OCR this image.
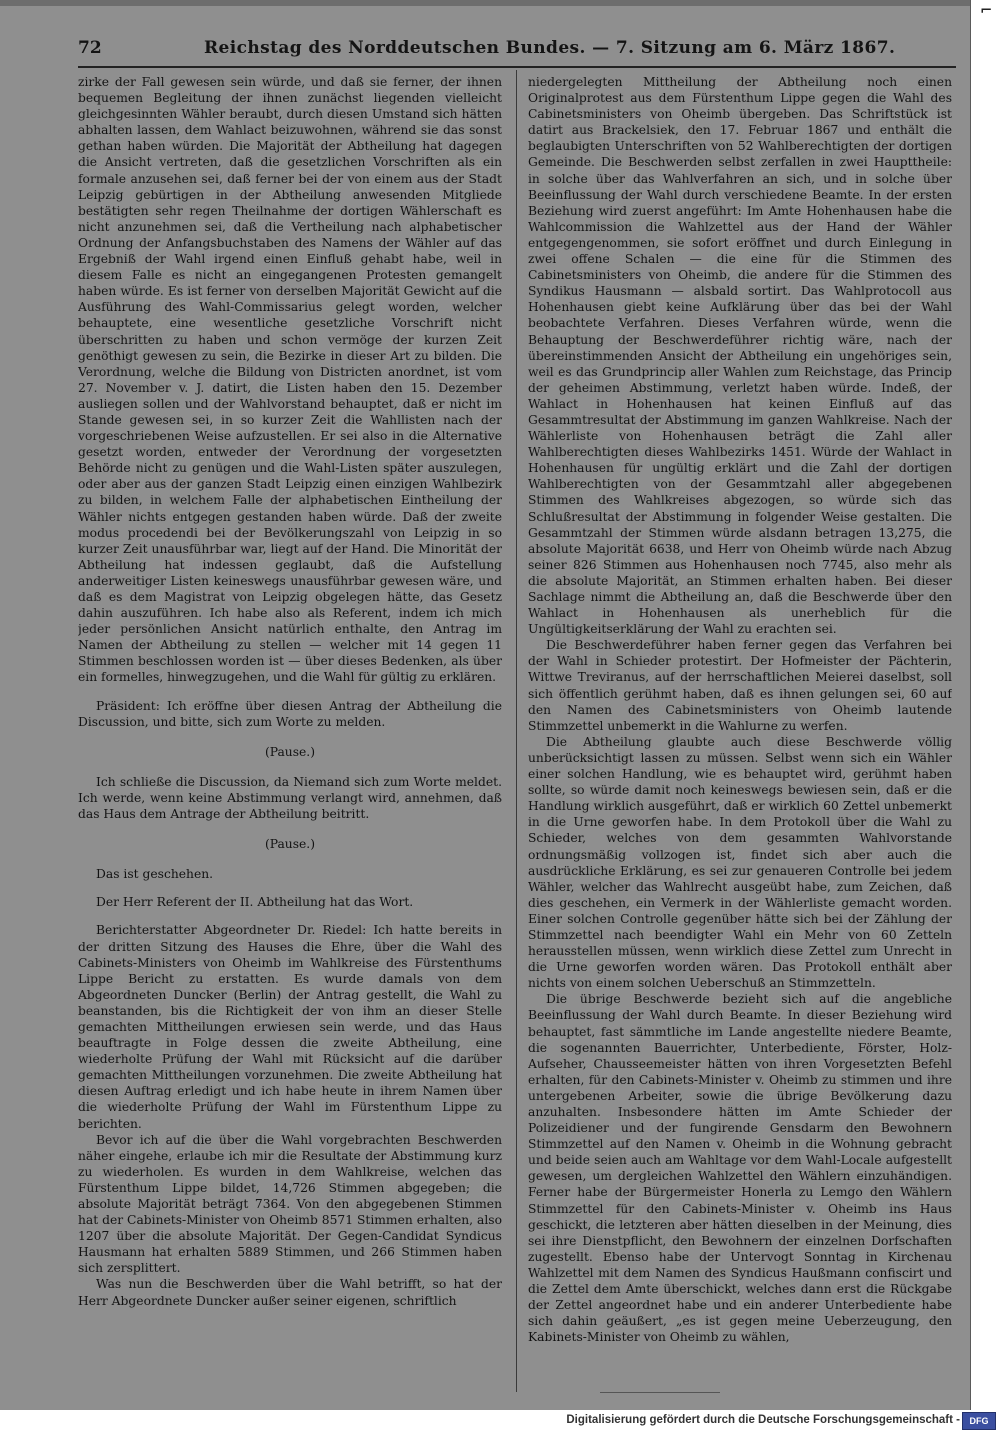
72	Reichstag des Norddeutschen Bundes. — 7. Sitzung am 6. März 1867.

zirke der Fall gewesen sein würde, und daß sie ferner, der ihnen bequemen Begleitung der ihnen zunächst liegenden vielleicht gleichgesinnten Wähler beraubt, durch diesen Umstand sich hätten abhalten lassen, dem Wahlact beizuwohnen, während sie das sonst gethan haben würden. Die Majorität der Abtheilung hat dagegen die Ansicht vertreten, daß die gesetzlichen Vorschriften als ein formale anzusehen sei, daß ferner bei der von einem aus der Stadt Leipzig gebürtigen in der Abtheilung anwesenden Mitgliede bestätigten sehr regen Theilnahme der dortigen Wählerschaft es nicht anzunehmen sei, daß die Vertheilung nach alphabetischer Ordnung der Anfangsbuchstaben des Namens der Wähler auf das Ergebniß der Wahl irgend einen Einfluß gehabt habe, weil in diesem Falle es nicht an eingegangenen Protesten gemangelt haben würde. Es ist ferner von derselben Majorität Gewicht auf die Ausführung des Wahl-Commissarius gelegt worden, welcher behauptete, eine wesentliche gesetzliche Vorschrift nicht überschritten zu haben und schon vermöge der kurzen Zeit genöthigt gewesen zu sein, die Bezirke in dieser Art zu bilden. Die Verordnung, welche die Bildung von Districten anordnet, ist vom 27. November v. J. datirt, die Listen haben den 15. Dezember ausliegen sollen und der Wahlvorstand behauptet, daß er nicht im Stande gewesen sei, in so kurzer Zeit die Wahllisten nach der vorgeschriebenen Weise aufzustellen. Er sei also in die Alternative gesetzt worden, entweder der Verordnung der vorgesetzten Behörde nicht zu genügen und die Wahl-Listen später auszulegen, oder aber aus der ganzen Stadt Leipzig einen einzigen Wahlbezirk zu bilden, in welchem Falle der alphabetischen Eintheilung der Wähler nichts entgegen gestanden haben würde. Daß der zweite modus procedendi bei der Bevölkerungszahl von Leipzig in so kurzer Zeit unausführbar war, liegt auf der Hand. Die Minorität der Abtheilung hat indessen geglaubt, daß die Aufstellung anderweitiger Listen keineswegs unausführbar gewesen wäre, und daß es dem Magistrat von Leipzig obgelegen hätte, das Gesetz dahin auszuführen. Ich habe also als Referent, indem ich mich jeder persönlichen Ansicht natürlich enthalte, den Antrag im Namen der Abtheilung zu stellen — welcher mit 14 gegen 11 Stimmen beschlossen worden ist — über dieses Bedenken, als über ein formelles, hinwegzugehen, und die Wahl für gültig zu erklären.

Präsident: Ich eröffne über diesen Antrag der Abtheilung die Discussion, und bitte, sich zum Worte zu melden.

(Pause.)

Ich schließe die Discussion, da Niemand sich zum Worte meldet. Ich werde, wenn keine Abstimmung verlangt wird, annehmen, daß das Haus dem Antrage der Abtheilung beitritt.

(Pause.)

Das ist geschehen.

Der Herr Referent der II. Abtheilung hat das Wort.

Berichterstatter Abgeordneter Dr. Riedel: Ich hatte bereits in der dritten Sitzung des Hauses die Ehre, über die Wahl des Cabinets-Ministers von Oheimb im Wahlkreise des Fürstenthums Lippe Bericht zu erstatten. Es wurde damals von dem Abgeordneten Duncker (Berlin) der Antrag gestellt, die Wahl zu beanstanden, bis die Richtigkeit der von ihm an dieser Stelle gemachten Mittheilungen erwiesen sein werde, und das Haus beauftragte in Folge dessen die zweite Abtheilung, eine wiederholte Prüfung der Wahl mit Rücksicht auf die darüber gemachten Mittheilungen vorzunehmen. Die zweite Abtheilung hat diesen Auftrag erledigt und ich habe heute in ihrem Namen über die wiederholte Prüfung der Wahl im Fürstenthum Lippe zu berichten.

Bevor ich auf die über die Wahl vorgebrachten Beschwerden näher eingehe, erlaube ich mir die Resultate der Abstimmung kurz zu wiederholen. Es wurden in dem Wahlkreise, welchen das Fürstenthum Lippe bildet, 14,726 Stimmen abgegeben; die absolute Majorität beträgt 7364. Von den abgegebenen Stimmen hat der Cabinets-Minister von Oheimb 8571 Stimmen erhalten, also 1207 über die absolute Majorität. Der Gegen-Candidat Syndicus Hausmann hat erhalten 5889 Stimmen, und 266 Stimmen haben sich zersplittert.

Was nun die Beschwerden über die Wahl betrifft, so hat der Herr Abgeordnete Duncker außer seiner eigenen, schriftlich

niedergelegten Mittheilung der Abtheilung noch einen Originalprotest aus dem Fürstenthum Lippe gegen die Wahl des Cabinetsministers von Oheimb übergeben. Das Schriftstück ist datirt aus Brackelsiek, den 17. Februar 1867 und enthält die beglaubigten Unterschriften von 52 Wahlberechtigten der dortigen Gemeinde. Die Beschwerden selbst zerfallen in zwei Haupttheile: in solche über das Wahlverfahren an sich, und in solche über Beeinflussung der Wahl durch verschiedene Beamte. In der ersten Beziehung wird zuerst angeführt: Im Amte Hohenhausen habe die Wahlcommission die Wahlzettel aus der Hand der Wähler entgegengenommen, sie sofort eröffnet und durch Einlegung in zwei offene Schalen — die eine für die Stimmen des Cabinetsministers von Oheimb, die andere für die Stimmen des Syndikus Hausmann — alsbald sortirt. Das Wahlprotocoll aus Hohenhausen giebt keine Aufklärung über das bei der Wahl beobachtete Verfahren. Dieses Verfahren würde, wenn die Behauptung der Beschwerdeführer richtig wäre, nach der übereinstimmenden Ansicht der Abtheilung ein ungehöriges sein, weil es das Grundprincip aller Wahlen zum Reichstage, das Princip der geheimen Abstimmung, verletzt haben würde. Indeß, der Wahlact in Hohenhausen hat keinen Einfluß auf das Gesammtresultat der Abstimmung im ganzen Wahlkreise. Nach der Wählerliste von Hohenhausen beträgt die Zahl aller Wahlberechtigten dieses Wahlbezirks 1451. Würde der Wahlact in Hohenhausen für ungültig erklärt und die Zahl der dortigen Wahlberechtigten von der Gesammtzahl aller abgegebenen Stimmen des Wahlkreises abgezogen, so würde sich das Schlußresultat der Abstimmung in folgender Weise gestalten. Die Gesammtzahl der Stimmen würde alsdann betragen 13,275, die absolute Majorität 6638, und Herr von Oheimb würde nach Abzug seiner 826 Stimmen aus Hohenhausen noch 7745, also mehr als die absolute Majorität, an Stimmen erhalten haben. Bei dieser Sachlage nimmt die Abtheilung an, daß die Beschwerde über den Wahlact in Hohenhausen als unerheblich für die Ungültigkeitserklärung der Wahl zu erachten sei.

Die Beschwerdeführer haben ferner gegen das Verfahren bei der Wahl in Schieder protestirt. Der Hofmeister der Pächterin, Wittwe Treviranus, auf der herrschaftlichen Meierei daselbst, soll sich öffentlich gerühmt haben, daß es ihnen gelungen sei, 60 auf den Namen des Cabinetsministers von Oheimb lautende Stimmzettel unbemerkt in die Wahlurne zu werfen.

Die Abtheilung glaubte auch diese Beschwerde völlig unberücksichtigt lassen zu müssen. Selbst wenn sich ein Wähler einer solchen Handlung, wie es behauptet wird, gerühmt haben sollte, so würde damit noch keineswegs bewiesen sein, daß er die Handlung wirklich ausgeführt, daß er wirklich 60 Zettel unbemerkt in die Urne geworfen habe. In dem Protokoll über die Wahl zu Schieder, welches von dem gesammten Wahlvorstande ordnungsmäßig vollzogen ist, findet sich aber auch die ausdrückliche Erklärung, es sei zur genaueren Controlle bei jedem Wähler, welcher das Wahlrecht ausgeübt habe, zum Zeichen, daß dies geschehen, ein Vermerk in der Wählerliste gemacht worden. Einer solchen Controlle gegenüber hätte sich bei der Zählung der Stimmzettel nach beendigter Wahl ein Mehr von 60 Zetteln herausstellen müssen, wenn wirklich diese Zettel zum Unrecht in die Urne geworfen worden wären. Das Protokoll enthält aber nichts von einem solchen Ueberschuß an Stimmzetteln.

Die übrige Beschwerde bezieht sich auf die angebliche Beeinflussung der Wahl durch Beamte. In dieser Beziehung wird behauptet, fast sämmtliche im Lande angestellte niedere Beamte, die sogenannten Bauerrichter, Unterbediente, Förster, Holz-Aufseher, Chausseemeister hätten von ihren Vorgesetzten Befehl erhalten, für den Cabinets-Minister v. Oheimb zu stimmen und ihre untergebenen Arbeiter, sowie die übrige Bevölkerung dazu anzuhalten. Insbesondere hätten im Amte Schieder der Polizeidiener und der fungirende Gensdarm den Bewohnern Stimmzettel auf den Namen v. Oheimb in die Wohnung gebracht und beide seien auch am Wahltage vor dem Wahl-Locale aufgestellt gewesen, um dergleichen Wahlzettel den Wählern einzuhändigen. Ferner habe der Bürgermeister Honerla zu Lemgo den Wählern Stimmzettel für den Cabinets-Minister v. Oheimb ins Haus geschickt, die letzteren aber hätten dieselben in der Meinung, dies sei ihre Dienstpflicht, den Bewohnern der einzelnen Dorfschaften zugestellt. Ebenso habe der Untervogt Sonntag in Kirchenau Wahlzettel mit dem Namen des Syndicus Haußmann confiscirt und die Zettel dem Amte überschickt, welches dann erst die Rückgabe der Zettel angeordnet habe und ein anderer Unterbediente habe sich dahin geäußert, „es ist gegen meine Ueberzeugung, den Kabinets-Minister von Oheimb zu wählen,

⌐
Digitalisierung gefördert durch die Deutsche Forschungsgemeinschaft -	DFG
